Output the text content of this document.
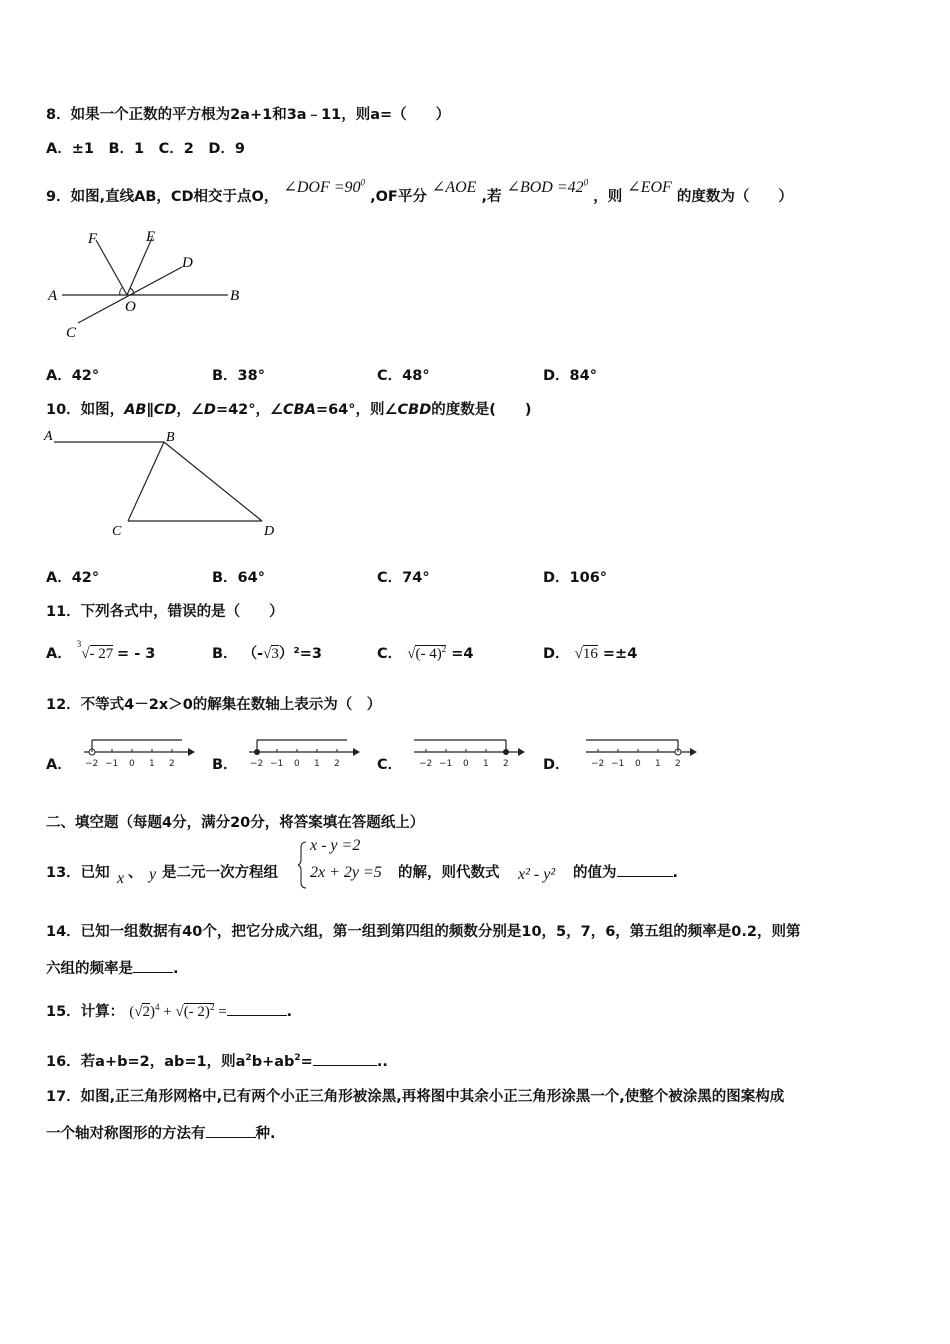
8．如果一个正数的平方根为2a+1和3a﹣11，则a=（　　）
A．±1　B．1　C．2　D．9
9．如图,直线AB，CD相交于点O， ∠DOF $=90^0$ ,OF平分 ∠AOE ,若 ∠BOD $=42^0$ ，则 ∠EOF 的度数为（　　）
F	E
D
A
O
B
C
A．42°	B．38°	C．48°	D．84°
10．如图，AB∥CD，∠D=42°，∠CBA=64°，则∠CBD的度数是(　　)
A	B
C	D
A．42°	B．64°	C．74°	D．106°
11．下列各式中，错误的是（　　）
A． $^3$√- 27 = - 3	B． （-√3）²=3	C． √(- 4)$^2$ =4	D． √16 =±4
12．不等式4－2x＞0的解集在数轴上表示为（　）
A．	B．	C．	D．
−2 −1 0 1 2	−2 −1 0 1 2	−2 −1 0 1 2	−2 −1 0 1 2
二、填空题（每题4分，满分20分，将答案填在答题纸上）
13．已知 x 、 y 是二元一次方程组
x - y =2
2x + 2y =5 的解，则代数式 x² - y² 的值为	.
14．已知一组数据有40个，把它分成六组，第一组到第四组的频数分别是10，5，7，6，第五组的频率是0.2，则第
六组的频率是	.
15．计算： $(√2)^4$ + √(- 2)$^2$ =	.
16．若a+b=2，ab=1，则$a^2b+ab^2=$	..
17．如图,正三角形网格中,已有两个小正三角形被涂黑,再将图中其余小正三角形涂黑一个,使整个被涂黑的图案构成
一个轴对称图形的方法有	种.
